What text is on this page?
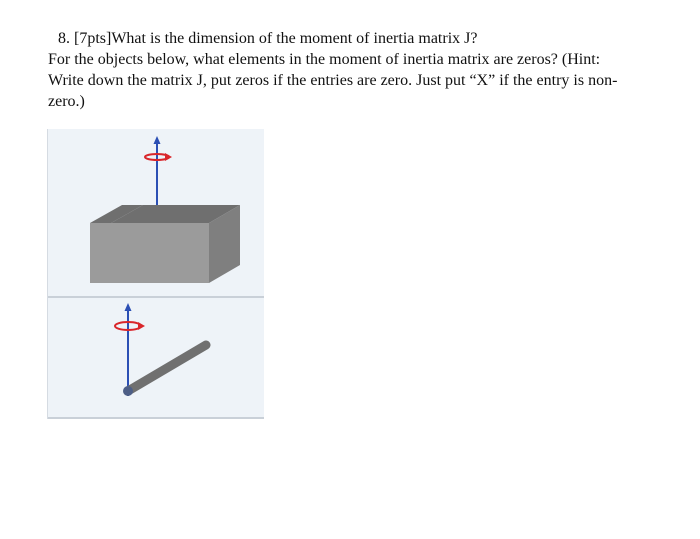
8. [7pts]What is the dimension of the moment of inertia matrix J?
For the objects below, what elements in the moment of inertia matrix are zeros? (Hint:
Write down the matrix J, put zeros if the entries are zero. Just put “X” if the entry is non-
zero.)
